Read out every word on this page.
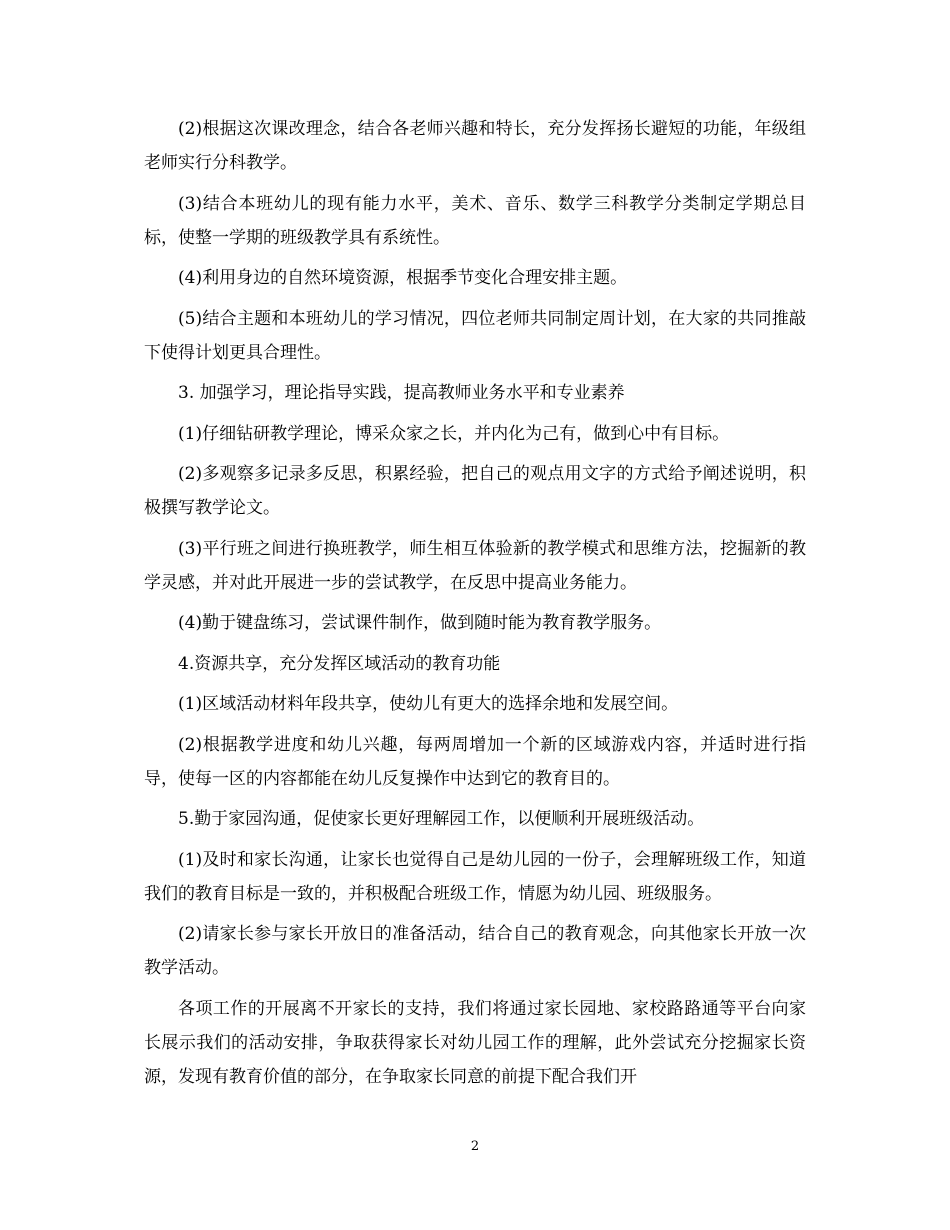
(2)根据这次课改理念，结合各老师兴趣和特长，充分发挥扬长避短的功能，年级组老师实行分科教学。

(3)结合本班幼儿的现有能力水平，美术、音乐、数学三科教学分类制定学期总目标，使整一学期的班级教学具有系统性。

(4)利用身边的自然环境资源，根据季节变化合理安排主题。

(5)结合主题和本班幼儿的学习情况，四位老师共同制定周计划，在大家的共同推敲下使得计划更具合理性。

3. 加强学习，理论指导实践，提高教师业务水平和专业素养

(1)仔细钻研教学理论，博采众家之长，并内化为己有，做到心中有目标。

(2)多观察多记录多反思，积累经验，把自己的观点用文字的方式给予阐述说明，积极撰写教学论文。

(3)平行班之间进行换班教学，师生相互体验新的教学模式和思维方法，挖掘新的教学灵感，并对此开展进一步的尝试教学，在反思中提高业务能力。

(4)勤于键盘练习，尝试课件制作，做到随时能为教育教学服务。

4.资源共享，充分发挥区域活动的教育功能

(1)区域活动材料年段共享，使幼儿有更大的选择余地和发展空间。

(2)根据教学进度和幼儿兴趣，每两周增加一个新的区域游戏内容，并适时进行指导，使每一区的内容都能在幼儿反复操作中达到它的教育目的。

5.勤于家园沟通，促使家长更好理解园工作，以便顺利开展班级活动。

(1)及时和家长沟通，让家长也觉得自己是幼儿园的一份子，会理解班级工作，知道我们的教育目标是一致的，并积极配合班级工作，情愿为幼儿园、班级服务。

(2)请家长参与家长开放日的准备活动，结合自己的教育观念，向其他家长开放一次教学活动。

各项工作的开展离不开家长的支持，我们将通过家长园地、家校路路通等平台向家长展示我们的活动安排，争取获得家长对幼儿园工作的理解，此外尝试充分挖掘家长资源，发现有教育价值的部分，在争取家长同意的前提下配合我们开

2
